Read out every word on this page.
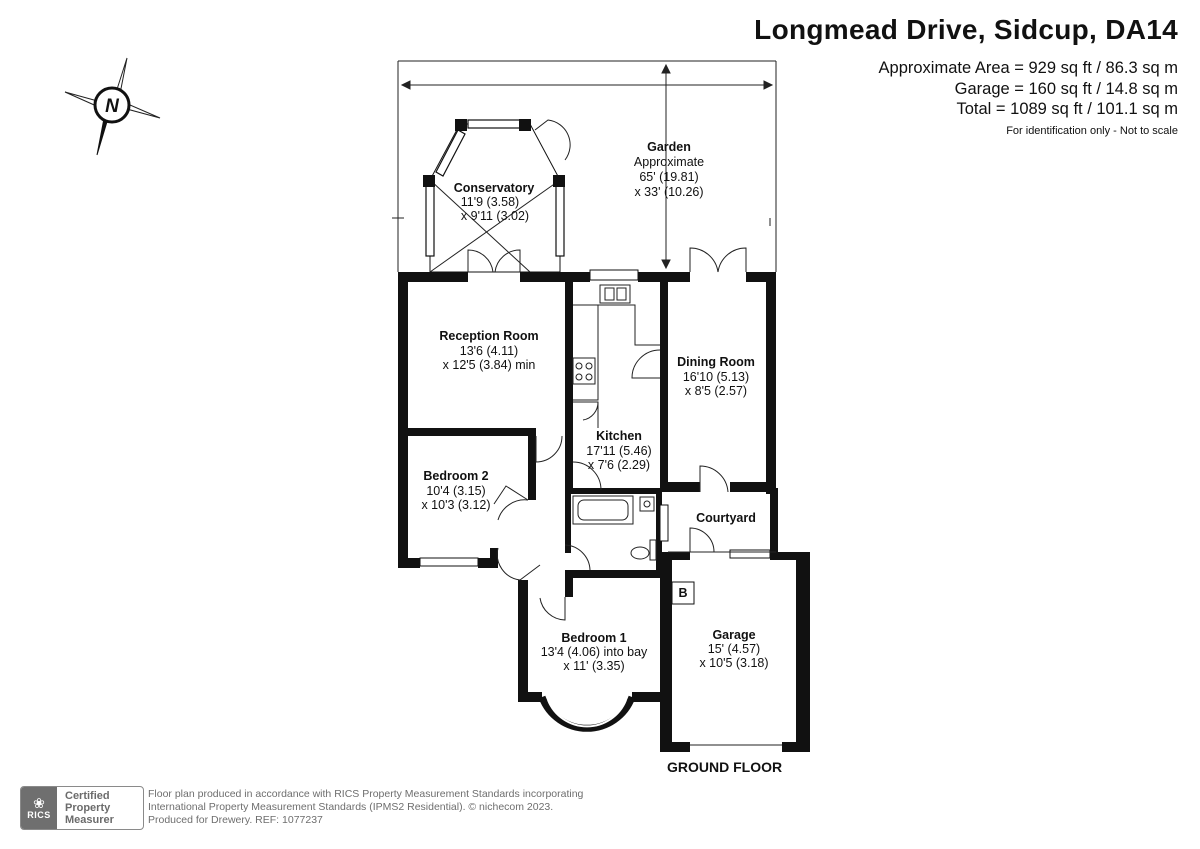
N
Garden
Approximate
65' (19.81)
x 33' (10.26)
Conservatory
11'9 (3.58)
x 9'11 (3.02)
Reception Room
13'6 (4.11)
x 12'5 (3.84) min	Dining Room
16'10 (5.13)
x 8'5 (2.57)
Kitchen
17'11 (5.46)
x 7'6 (2.29)
Bedroom 2
10'4 (3.15)
x 10'3 (3.12)
Courtyard
B
Bedroom 1
13'4 (4.06) into bay
x 11' (3.35)
Garage
15' (4.57)
x 10'5 (3.18)
Longmead Drive, Sidcup, DA14
Approximate Area = 929 sq ft / 86.3 sq m
Garage = 160 sq ft / 14.8 sq m
Total = 1089 sq ft / 101.1 sq m
For identification only - Not to scale
GROUND FLOOR
❀
RICS
Certified
Property
Measurer
Floor plan produced in accordance with RICS Property Measurement Standards incorporating
International Property Measurement Standards (IPMS2 Residential). © nichecom 2023.
Produced for Drewery. REF: 1077237
